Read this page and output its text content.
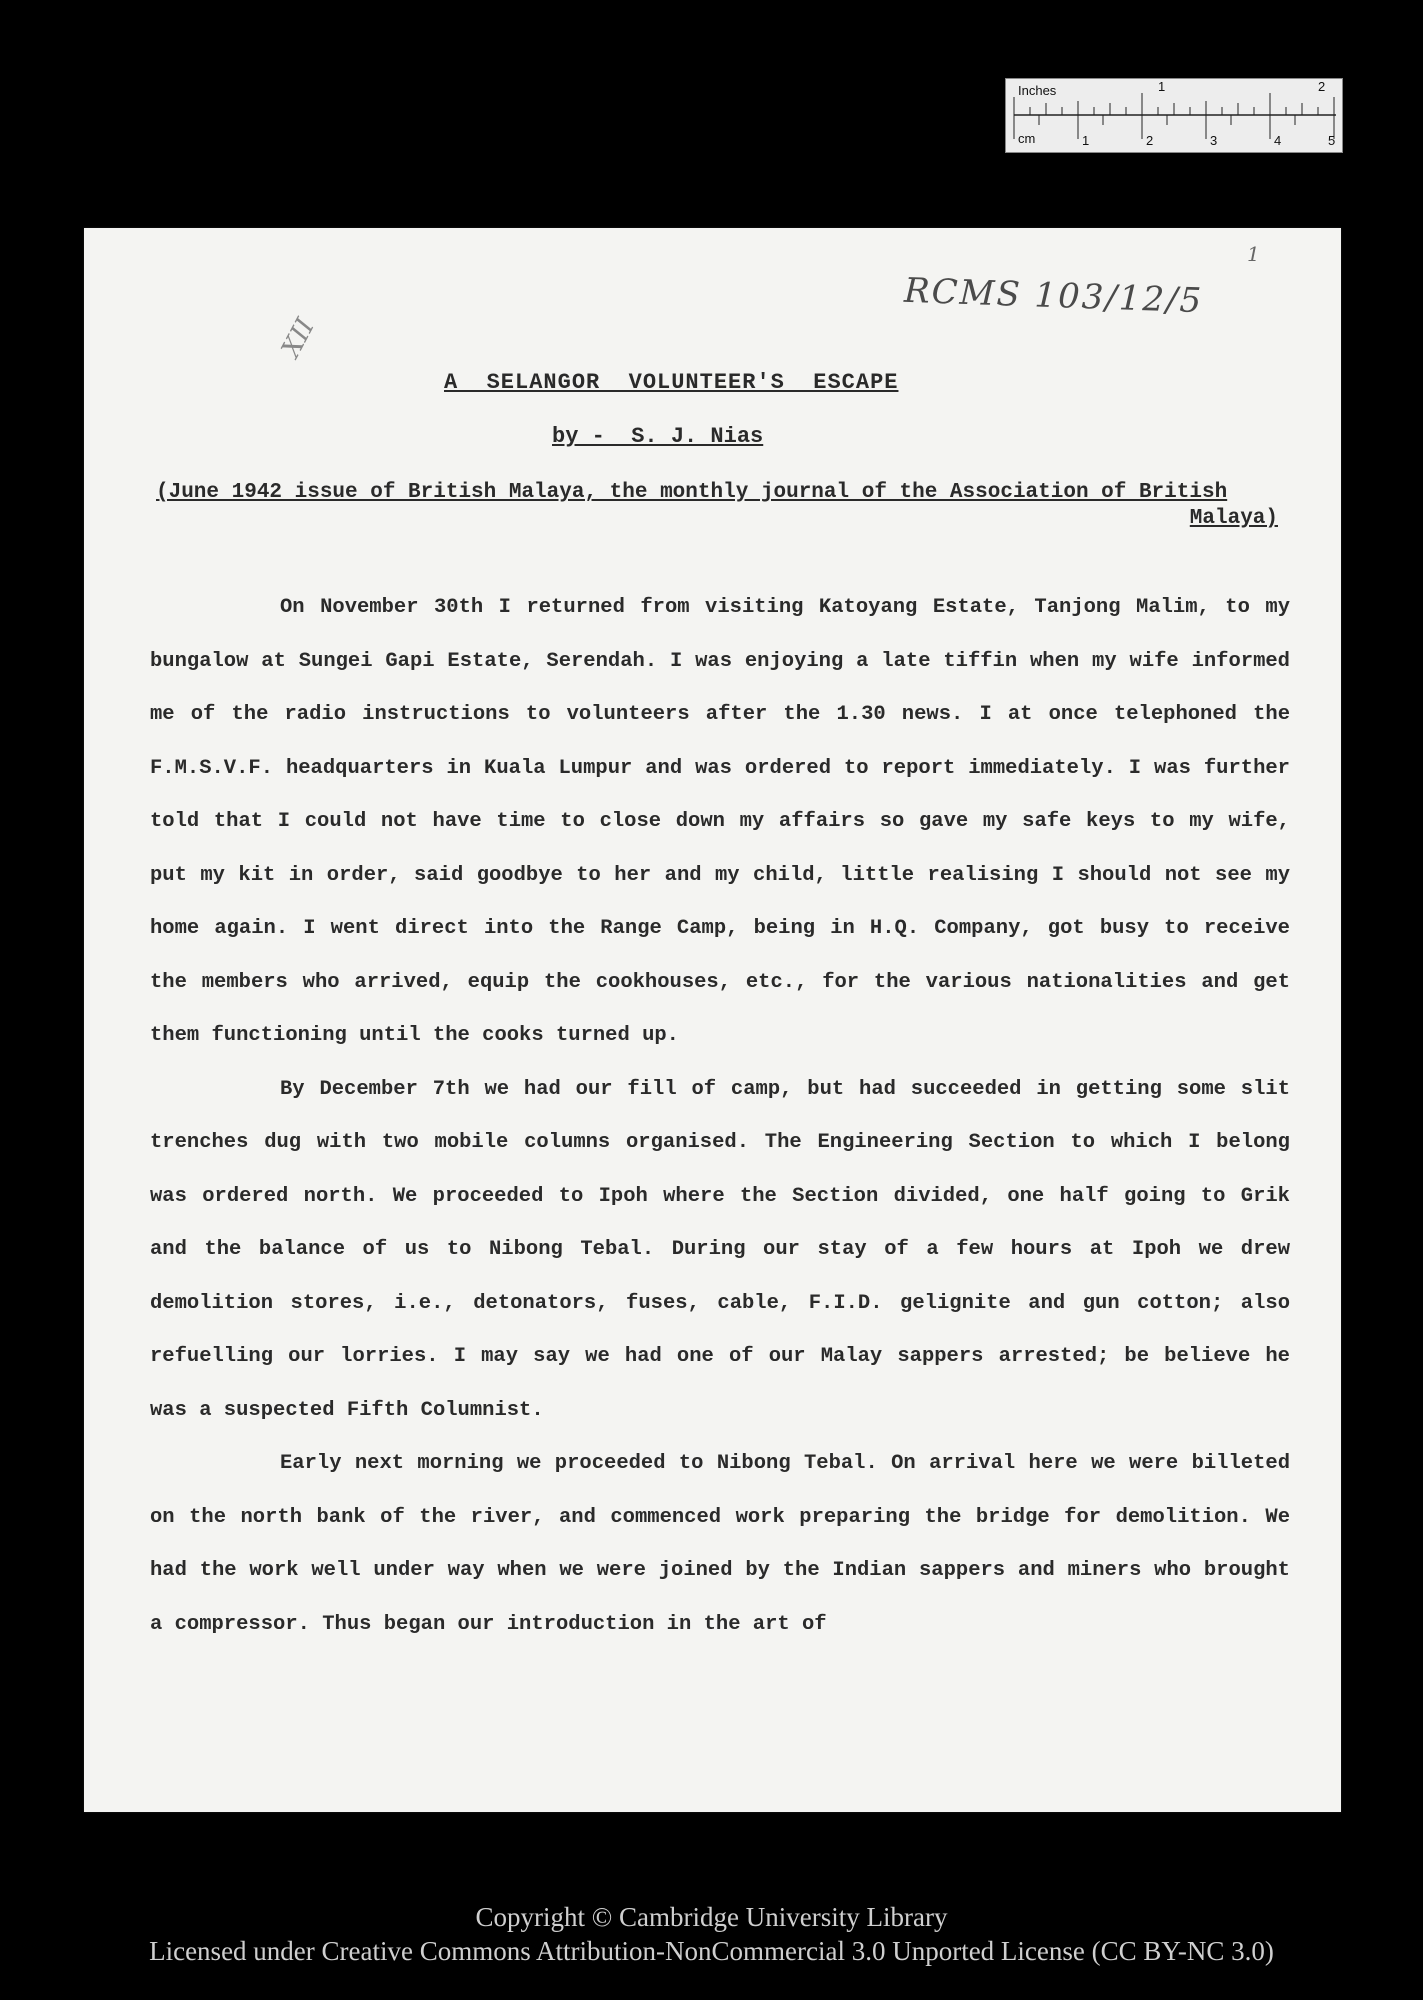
Inches
cm
1	2
1	2	3	4	5
RCMS 103/12/5
1
XII
A  SELANGOR  VOLUNTEER'S  ESCAPE
by -  S. J. Nias
(June 1942 issue of British Malaya, the monthly journal of the Association of British
Malaya)

On November 30th I returned from visiting Katoyang Estate, Tanjong Malim, to my bungalow at Sungei Gapi Estate, Serendah. I was enjoying a late tiffin when my wife informed me of the radio instructions to volunteers after the 1.30 news. I at once telephoned the F.M.S.V.F. headquarters in Kuala Lumpur and was ordered to report immediately. I was further told that I could not have time to close down my affairs so gave my safe keys to my wife, put my kit in order, said goodbye to her and my child, little realising I should not see my home again. I went direct into the Range Camp, being in H.Q. Company, got busy to receive the members who arrived, equip the cookhouses, etc., for the various nationalities and get them functioning until the cooks turned up.

By December 7th we had our fill of camp, but had succeeded in getting some slit trenches dug with two mobile columns organised. The Engineering Section to which I belong was ordered north. We proceeded to Ipoh where the Section divided, one half going to Grik and the balance of us to Nibong Tebal. During our stay of a few hours at Ipoh we drew demolition stores, i.e., detonators, fuses, cable, F.I.D. gelignite and gun cotton; also refuelling our lorries. I may say we had one of our Malay sappers arrested; be believe he was a suspected Fifth Columnist.

Early next morning we proceeded to Nibong Tebal. On arrival here we were billeted on the north bank of the river, and commenced work preparing the bridge for demolition. We had the work well under way when we were joined by the Indian sappers and miners who brought a compressor. Thus began our introduction in the art of

Copyright © Cambridge University Library
Licensed under Creative Commons Attribution-NonCommercial 3.0 Unported License (CC BY-NC 3.0)
